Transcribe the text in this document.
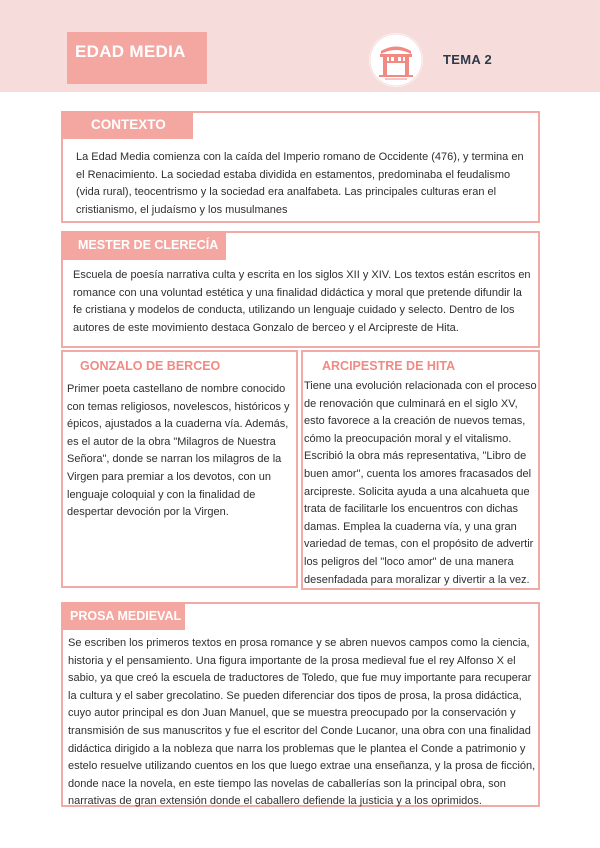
EDAD MEDIA	TEMA 2
CONTEXTO
La Edad Media comienza con la caída del Imperio romano de Occidente (476), y termina en el Renacimiento. La sociedad estaba dividida en estamentos, predominaba el feudalismo (vida rural), teocentrismo y la sociedad era analfabeta. Las principales culturas eran el cristianismo, el judaísmo y los musulmanes
MESTER DE CLERECÍA
Escuela de poesía narrativa culta y escrita en los siglos XII y XIV. Los textos están escritos en romance con una voluntad estética y una finalidad didáctica y moral que pretende difundir la fe cristiana y modelos de conducta, utilizando un lenguaje cuidado y selecto. Dentro de los autores de este movimiento destaca Gonzalo de berceo y el Arcipreste de Hita.
GONZALO DE BERCEO
Primer poeta castellano de nombre conocido con temas religiosos, novelescos, históricos y épicos, ajustados a la cuaderna vía. Además, es el autor de la obra "Milagros de Nuestra Señora", donde se narran los milagros de la Virgen para premiar a los devotos, con un lenguaje coloquial y con la finalidad de despertar devoción por la Virgen.
ARCIPESTRE DE HITA
Tiene una evolución relacionada con el proceso de renovación que culminará en el siglo XV, esto favorece a la creación de nuevos temas, cómo la preocupación moral y el vitalismo. Escribió la obra más representativa, "Libro de buen amor", cuenta los amores fracasados del arcipreste. Solicita ayuda a una alcahueta que trata de facilitarle los encuentros con dichas damas. Emplea la cuaderna vía, y una gran variedad de temas, con el propósito de advertir los peligros del "loco amor" de una manera desenfadada para moralizar y divertir a la vez.
PROSA MEDIEVAL
Se escriben los primeros textos en prosa romance y se abren nuevos campos como la ciencia, historia y el pensamiento. Una figura importante de la prosa medieval fue el rey Alfonso X el sabio, ya que creó la escuela de traductores de Toledo, que fue muy importante para recuperar la cultura y el saber grecolatino. Se pueden diferenciar dos tipos de prosa, la prosa didáctica, cuyo autor principal es don Juan Manuel, que se muestra preocupado por la conservación y transmisión de sus manuscritos y fue el escritor del Conde Lucanor, una obra con una finalidad didáctica dirigido a la nobleza que narra los problemas que le plantea el Conde a patrimonio y estelo resuelve utilizando cuentos en los que luego extrae una enseñanza, y la prosa de ficción, donde nace la novela, en este tiempo las novelas de caballerías son la principal obra, son narrativas de gran extensión donde el caballero defiende la justicia y a los oprimidos.
